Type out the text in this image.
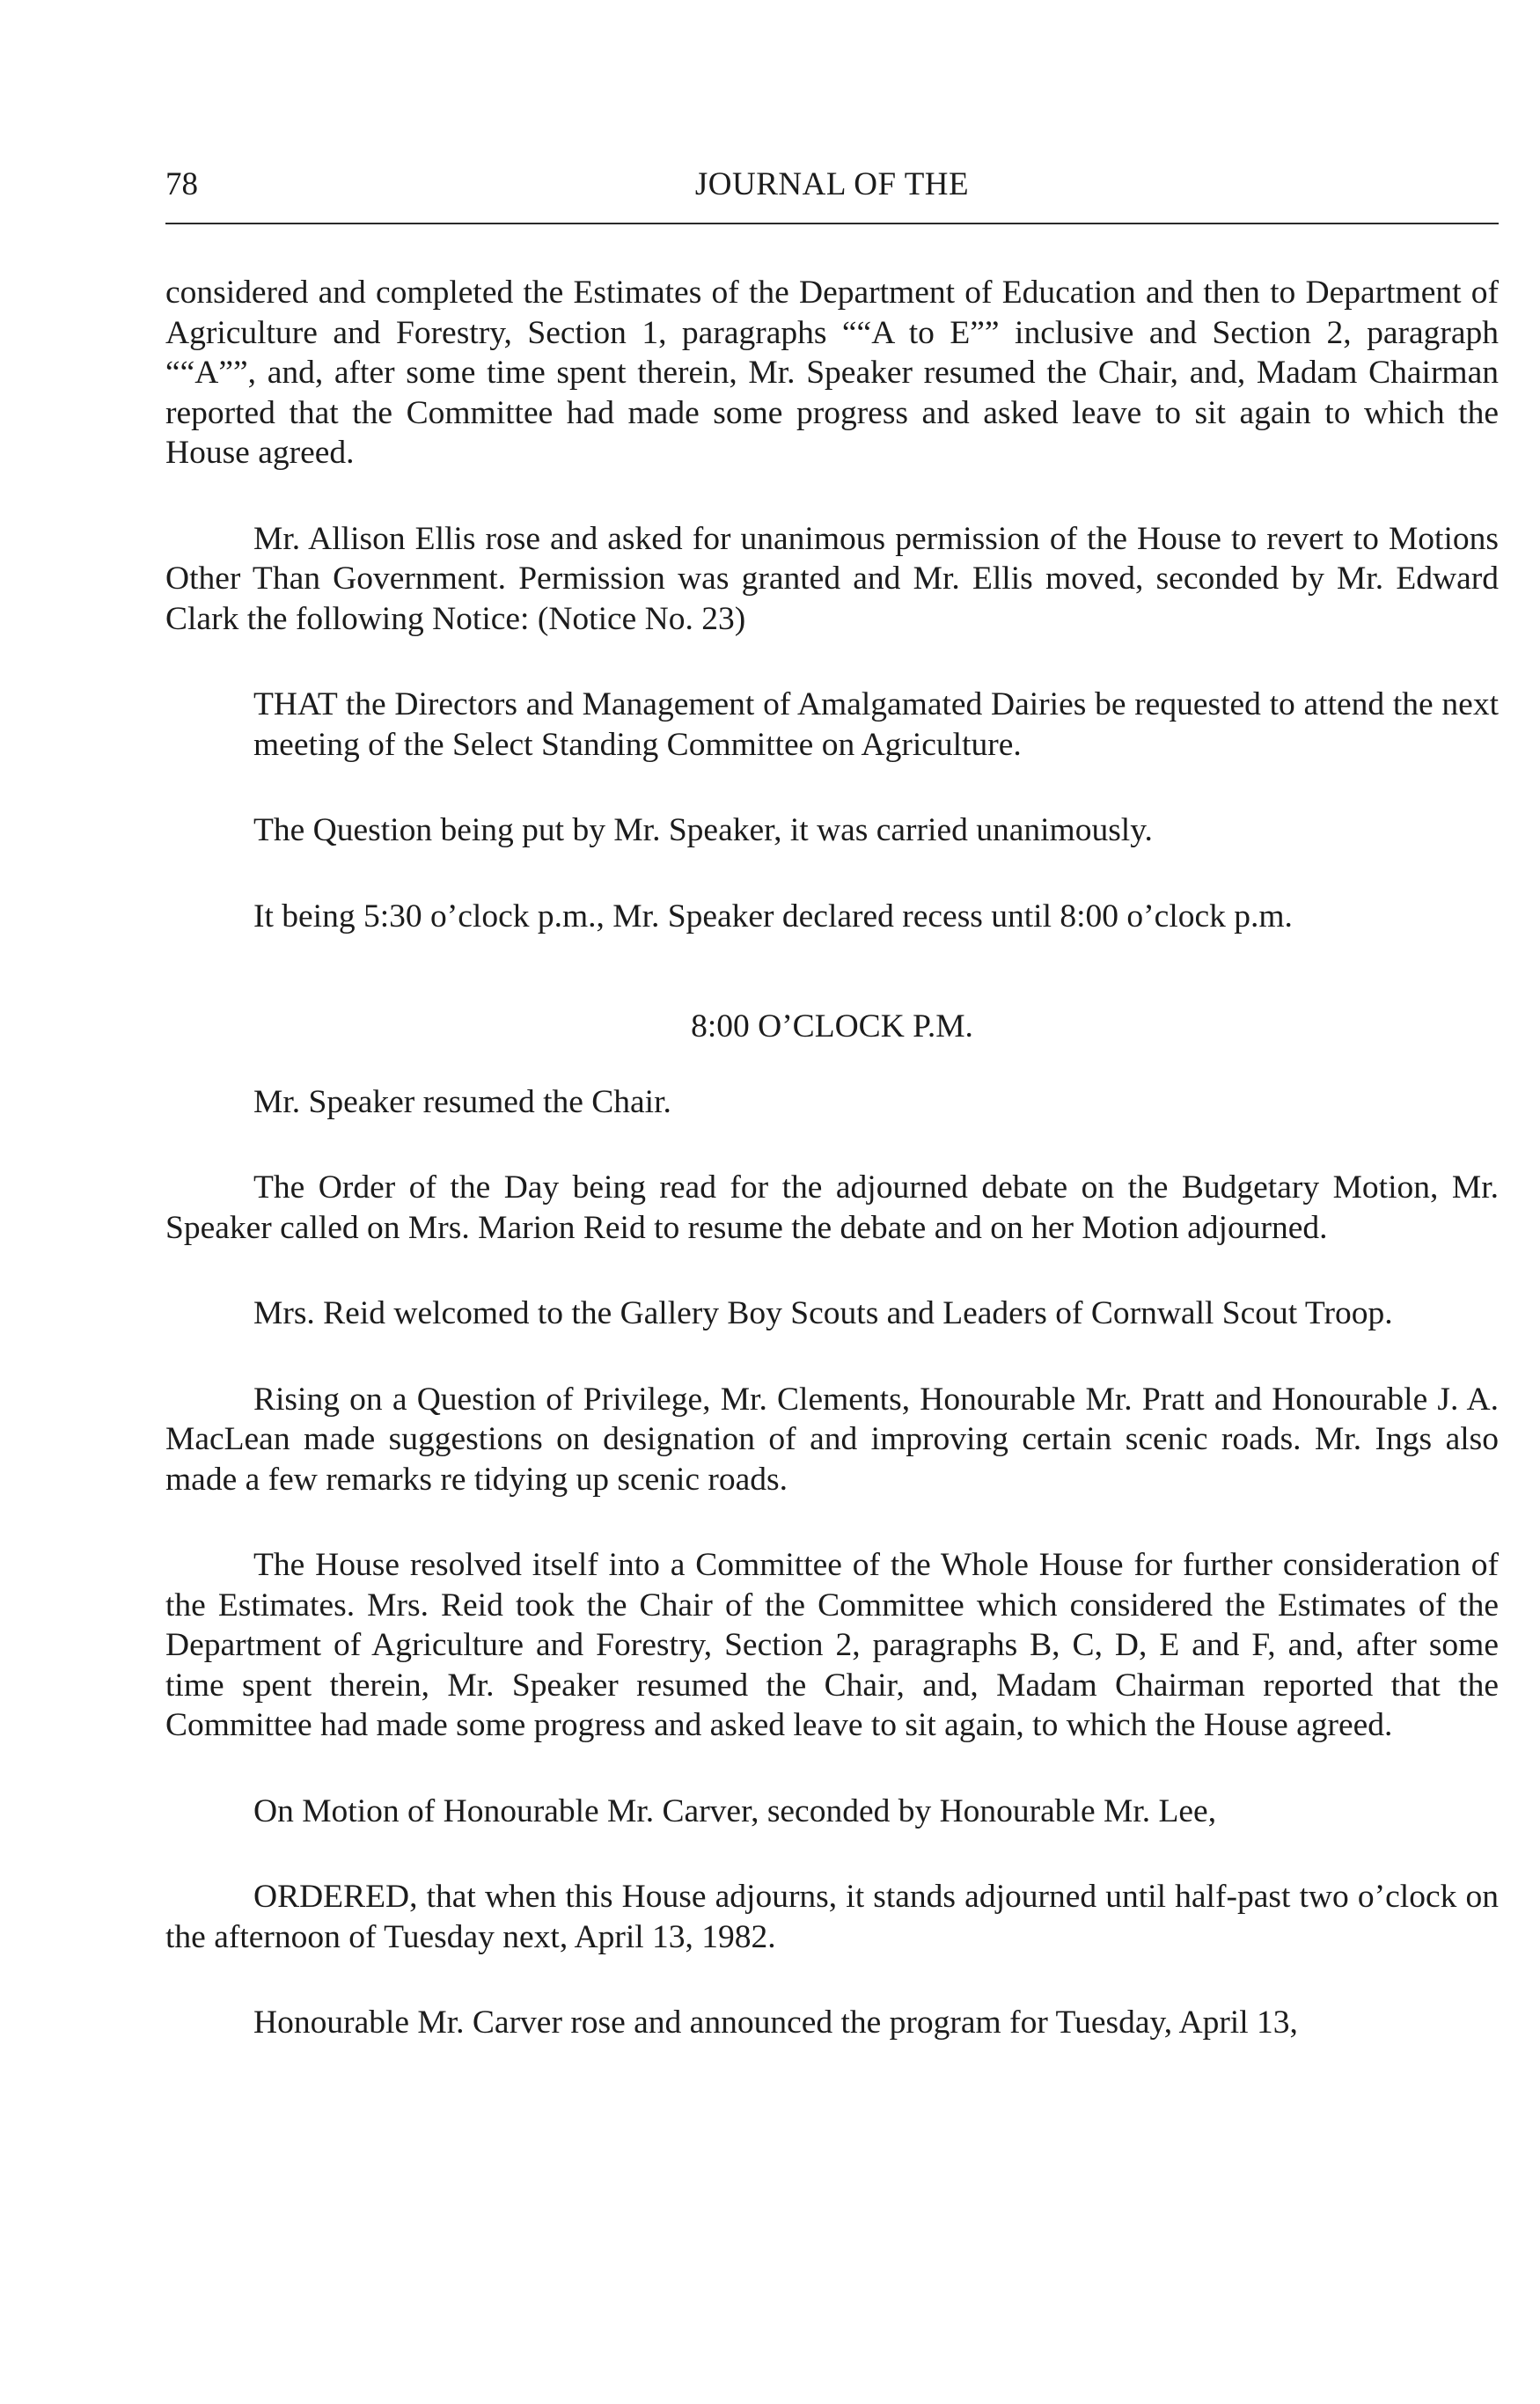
78	JOURNAL OF THE

considered and completed the Estimates of the Department of Education and then to Department of Agriculture and Forestry, Section 1, paragraphs ““A to E”” inclusive and Section 2, paragraph ““A””, and, after some time spent therein, Mr. Speaker resumed the Chair, and, Madam Chairman reported that the Committee had made some progress and asked leave to sit again to which the House agreed.

Mr. Allison Ellis rose and asked for unanimous permission of the House to revert to Motions Other Than Government. Permission was granted and Mr. Ellis moved, seconded by Mr. Edward Clark the following Notice: (Notice No. 23)

THAT the Directors and Management of Amalgamated Dairies be requested to attend the next meeting of the Select Standing Committee on Agriculture.

The Question being put by Mr. Speaker, it was carried unanimously.

It being 5:30 o’clock p.m., Mr. Speaker declared recess until 8:00 o’clock p.m.

8:00 O’CLOCK P.M.

Mr. Speaker resumed the Chair.

The Order of the Day being read for the adjourned debate on the Budgetary Motion, Mr. Speaker called on Mrs. Marion Reid to resume the debate and on her Motion adjourned.

Mrs. Reid welcomed to the Gallery Boy Scouts and Leaders of Cornwall Scout Troop.

Rising on a Question of Privilege, Mr. Clements, Honourable Mr. Pratt and Honourable J. A. MacLean made suggestions on designation of and improving certain scenic roads. Mr. Ings also made a few remarks re tidying up scenic roads.

The House resolved itself into a Committee of the Whole House for further consideration of the Estimates. Mrs. Reid took the Chair of the Committee which considered the Estimates of the Department of Agriculture and Forestry, Section 2, paragraphs B, C, D, E and F, and, after some time spent therein, Mr. Speaker resumed the Chair, and, Madam Chairman reported that the Committee had made some progress and asked leave to sit again, to which the House agreed.

On Motion of Honourable Mr. Carver, seconded by Honourable Mr. Lee,

ORDERED, that when this House adjourns, it stands adjourned until half-past two o’clock on the afternoon of Tuesday next, April 13, 1982.

Honourable Mr. Carver rose and announced the program for Tuesday, April 13,
